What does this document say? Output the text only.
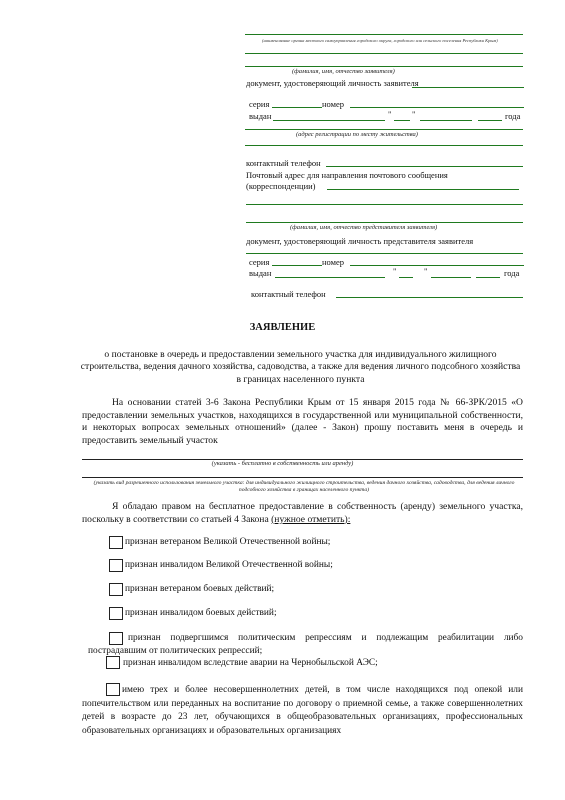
(наименование органа местного самоуправления городского округа, городского или сельского поселения Республики Крым)
(фамилия, имя, отчество заявителя)
документ, удостоверяющий личность заявителя
серия	номер
выдан	" "	года
(адрес регистрации по месту жительства)
контактный телефон
Почтовый адрес для направления почтового сообщения
(корреспонденции)
(фамилия, имя, отчество представителя заявителя)
документ, удостоверяющий личность представителя заявителя
серия	номер
выдан	"	"	года
контактный телефон
ЗАЯВЛЕНИЕ
о постановке в очередь и предоставлении земельного участка для индивидуального жилищного строительства, ведения дачного хозяйства, садоводства, а также для ведения личного подсобного хозяйства в границах населенного пункта
На основании статей 3-6 Закона Республики Крым от 15 января 2015 года № 66-ЗРК/2015 «О предоставлении земельных участков, находящихся в государственной или муниципальной собственности, и некоторых вопросах земельных отношений» (далее - Закон) прошу поставить меня в очередь и предоставить земельный участок
(указать - бесплатно в собственность или аренду)
(указать вид разрешенного использования земельного участка: для индивидуального жилищного строительства, ведения дачного хозяйства, садоводства, для ведения личного подсобного хозяйства в границах населенного пункта)
Я обладаю правом на бесплатное предоставление в собственность (аренду) земельного участка, поскольку в соответствии со статьей 4 Закона (нужное отметить):
признан ветераном Великой Отечественной войны;
признан инвалидом Великой Отечественной войны;
признан ветераном боевых действий;
признан инвалидом боевых действий;
признан подвергшимся политическим репрессиям и подлежащим реабилитации либо пострадавшим от политических репрессий;
признан инвалидом вследствие аварии на Чернобыльской АЭС;
имею трех и более несовершеннолетних детей, в том числе находящихся под опекой или попечительством или переданных на воспитание по договору о приемной семье, а также совершеннолетних детей в возрасте до 23 лет, обучающихся в общеобразовательных организациях, профессиональных образовательных организациях и образовательных организациях
